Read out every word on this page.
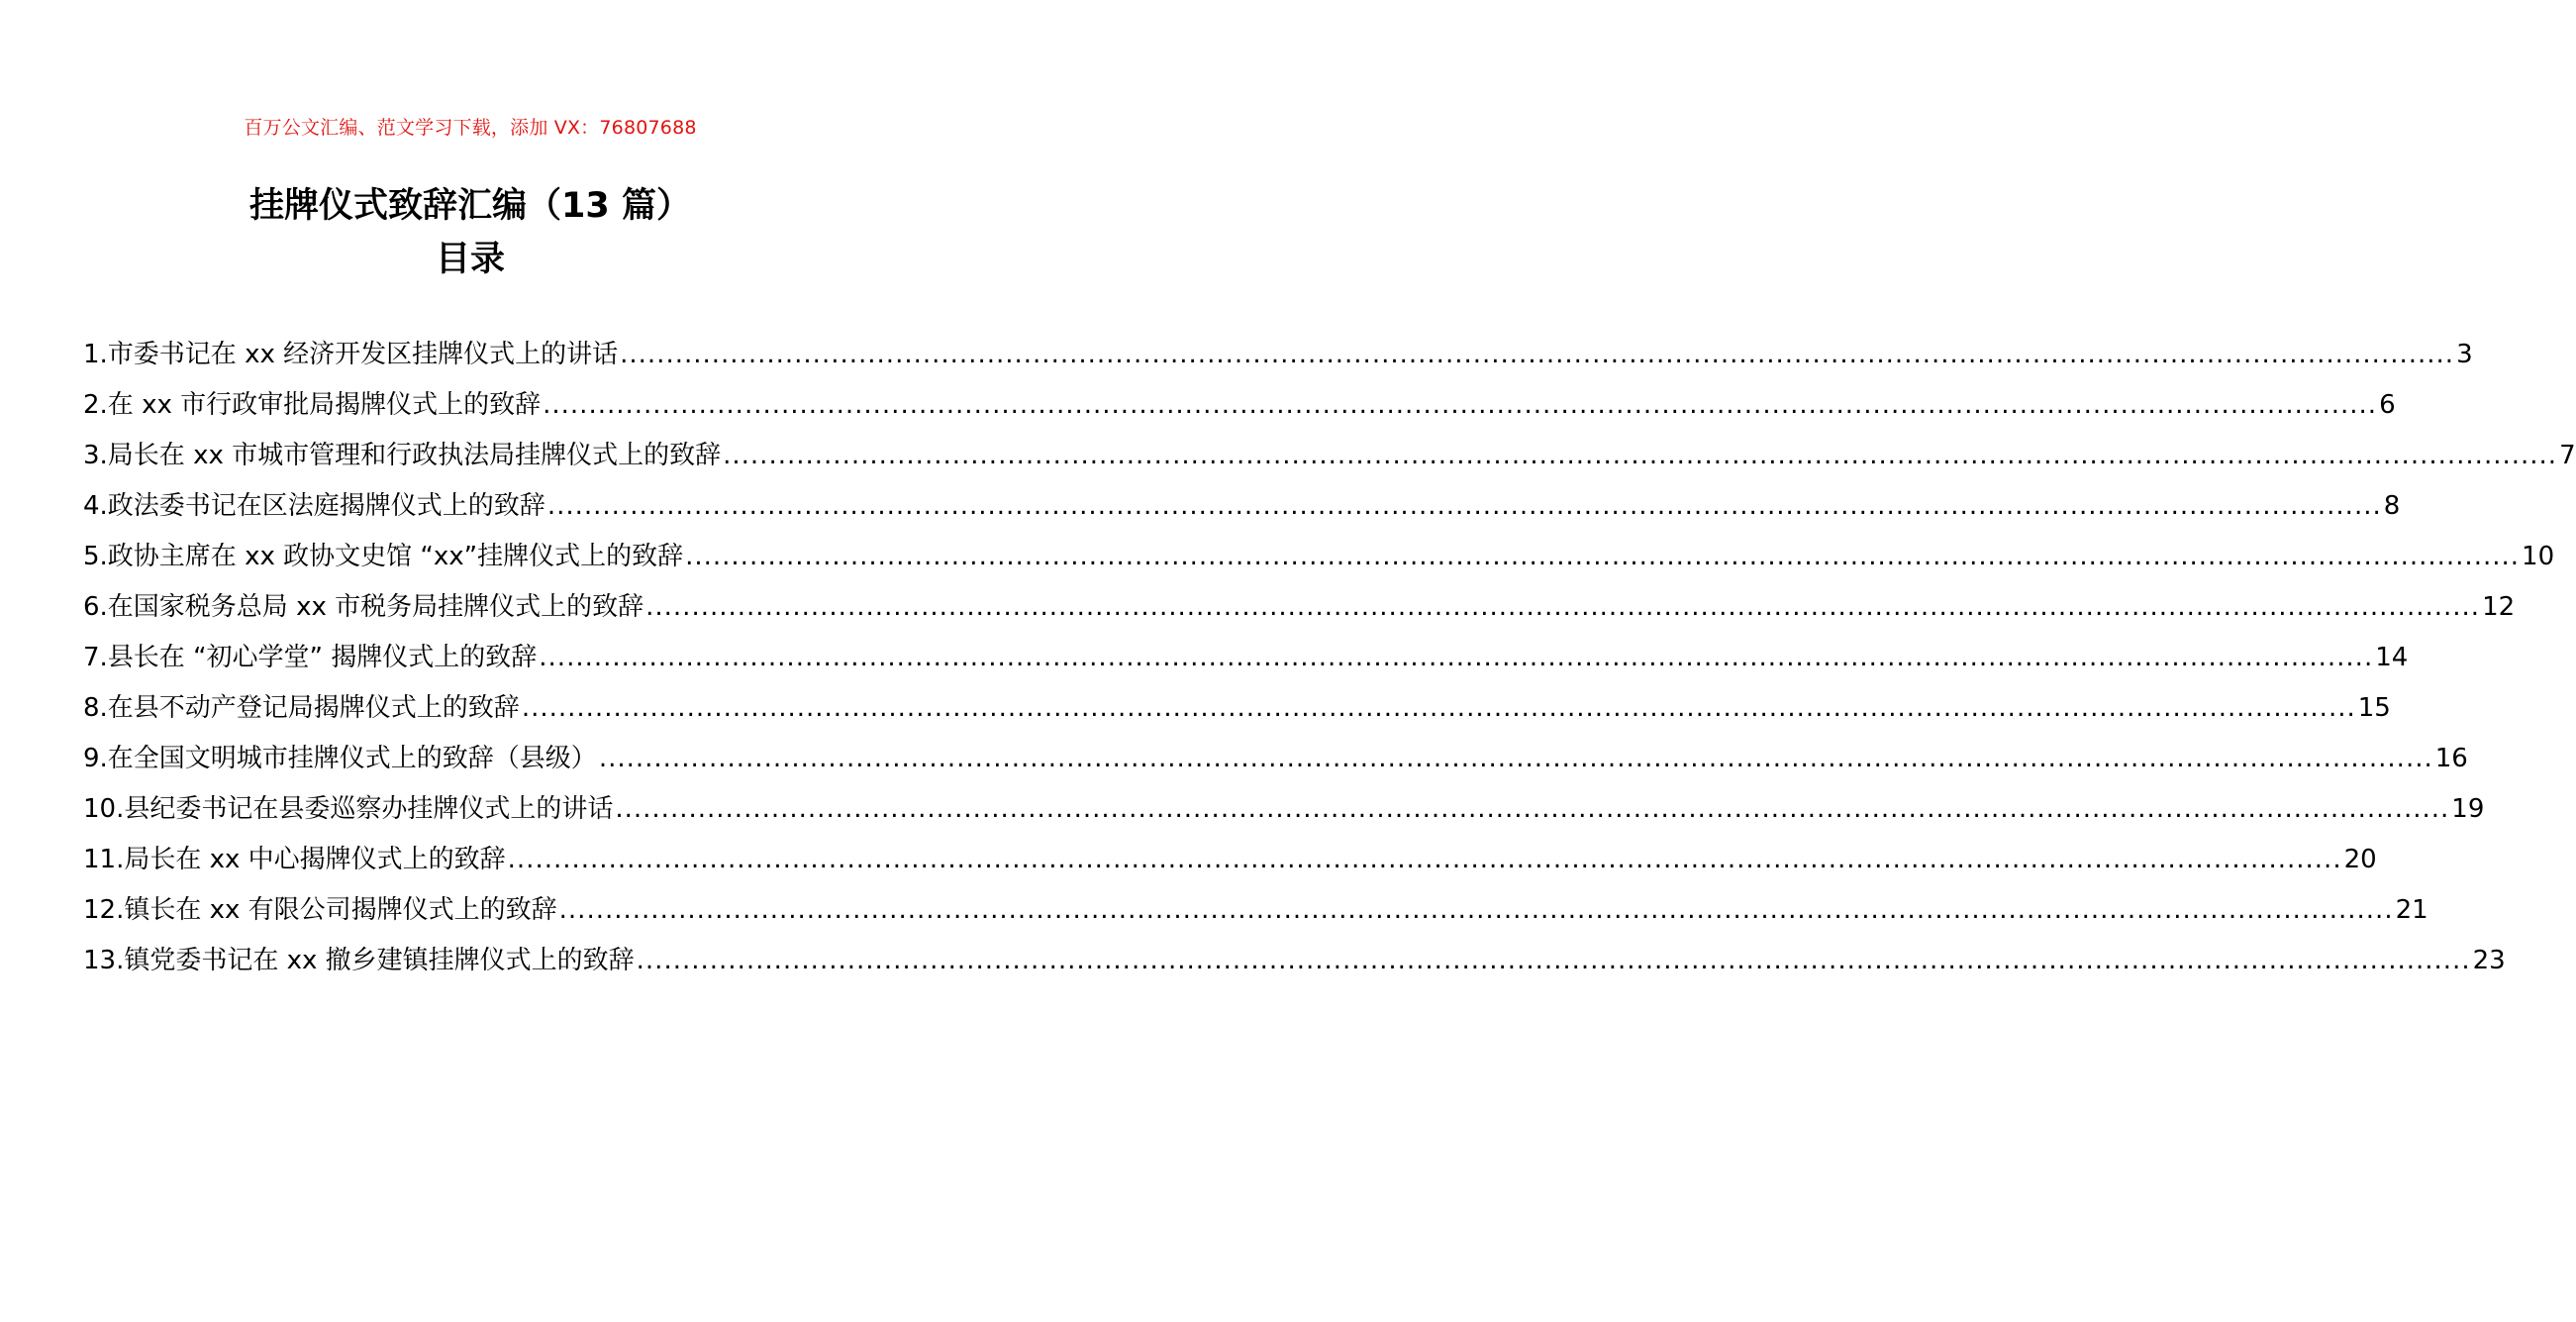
百万公文汇编、范文学习下载，添加 VX：76807688
挂牌仪式致辞汇编（13 篇）
目录
1.市委书记在 xx 经济开发区挂牌仪式上的讲话 ........................................................................................................................................................................................................ 3
2.在 xx 市行政审批局揭牌仪式上的致辞 ........................................................................................................................................................................................................ 6
3.局长在 xx 市城市管理和行政执法局挂牌仪式上的致辞 ........................................................................................................................................................................................................ 7
4.政法委书记在区法庭揭牌仪式上的致辞 ........................................................................................................................................................................................................ 8
5.政协主席在 xx 政协文史馆 “xx”挂牌仪式上的致辞 ........................................................................................................................................................................................................ 10
6.在国家税务总局 xx 市税务局挂牌仪式上的致辞 ........................................................................................................................................................................................................ 12
7.县长在 “初心学堂” 揭牌仪式上的致辞 ........................................................................................................................................................................................................ 14
8.在县不动产登记局揭牌仪式上的致辞 ........................................................................................................................................................................................................ 15
9.在全国文明城市挂牌仪式上的致辞（县级） ........................................................................................................................................................................................................ 16
10.县纪委书记在县委巡察办挂牌仪式上的讲话 ........................................................................................................................................................................................................ 19
11.局长在 xx 中心揭牌仪式上的致辞 ........................................................................................................................................................................................................ 20
12.镇长在 xx 有限公司揭牌仪式上的致辞 ........................................................................................................................................................................................................ 21
13.镇党委书记在 xx 撤乡建镇挂牌仪式上的致辞 ........................................................................................................................................................................................................ 23
